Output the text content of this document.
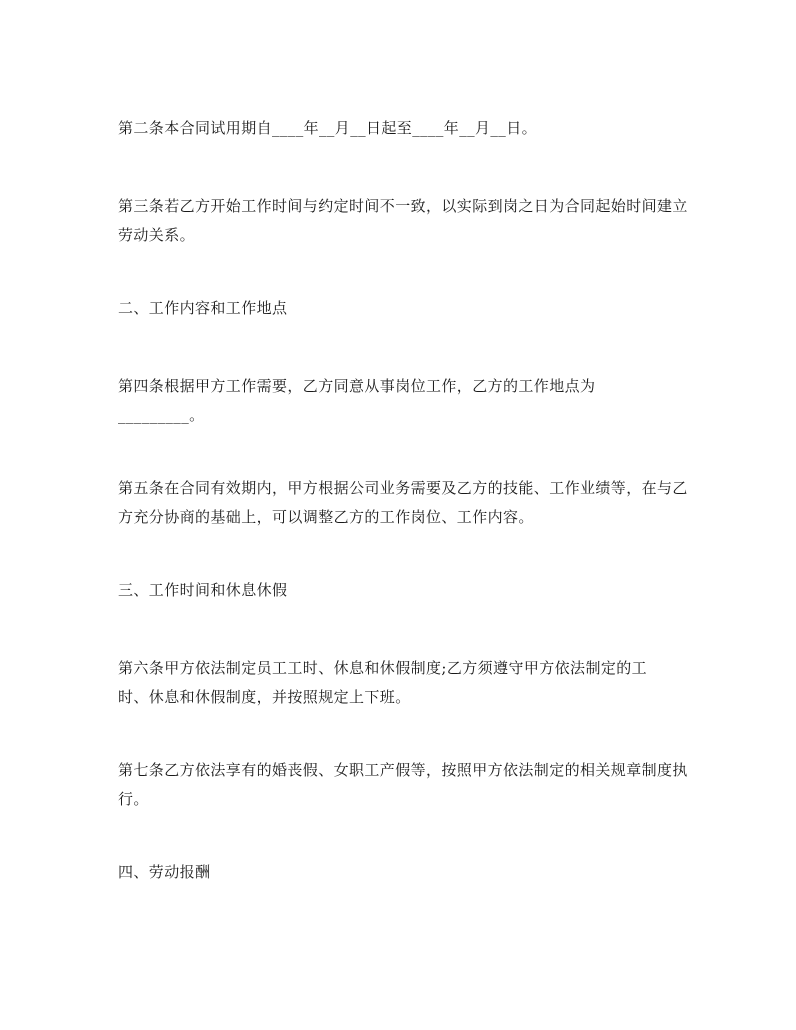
第二条本合同试用期自____年__月__日起至____年__月__日。

第三条若乙方开始工作时间与约定时间不一致，以实际到岗之日为合同起始时间建立劳动关系。

二、工作内容和工作地点

第四条根据甲方工作需要，乙方同意从事岗位工作，乙方的工作地点为
_________。

第五条在合同有效期内，甲方根据公司业务需要及乙方的技能、工作业绩等，在与乙方充分协商的基础上，可以调整乙方的工作岗位、工作内容。

三、工作时间和休息休假

第六条甲方依法制定员工工时、休息和休假制度;乙方须遵守甲方依法制定的工
时、休息和休假制度，并按照规定上下班。

第七条乙方依法享有的婚丧假、女职工产假等，按照甲方依法制定的相关规章制度执行。

四、劳动报酬
